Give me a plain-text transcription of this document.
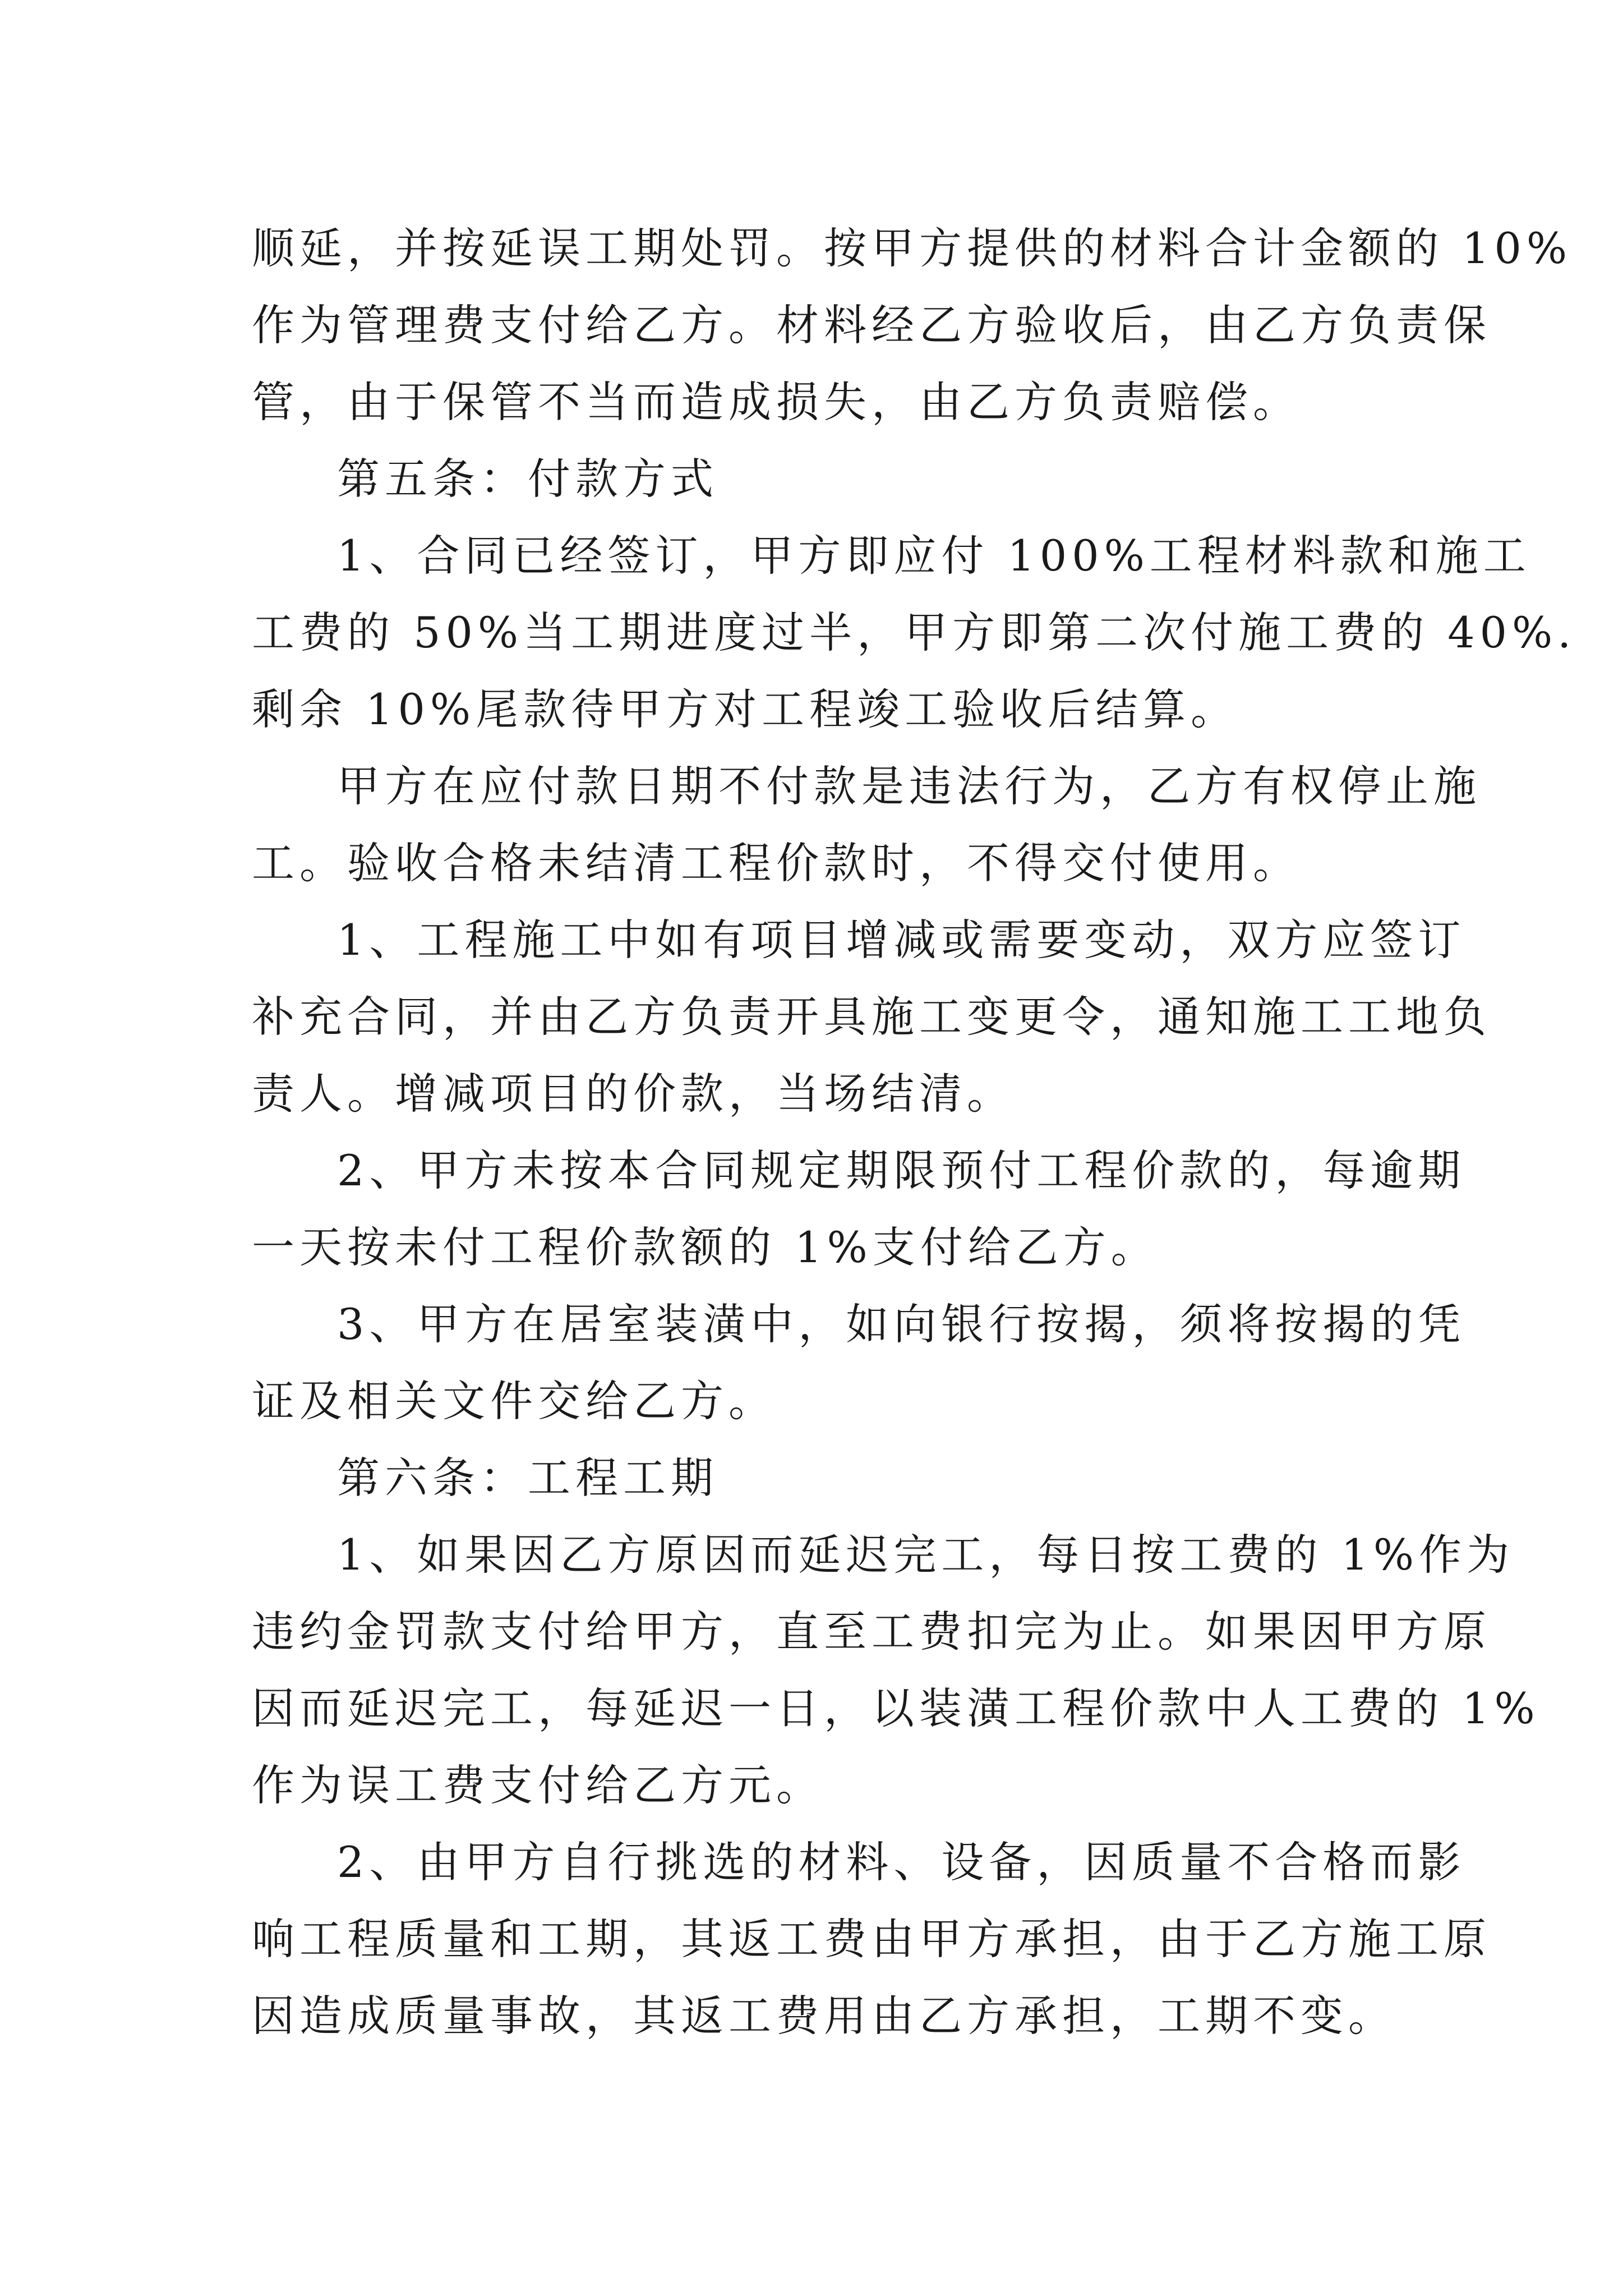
顺延，并按延误工期处罚。按甲方提供的材料合计金额的 10%
作为管理费支付给乙方。材料经乙方验收后，由乙方负责保
管，由于保管不当而造成损失，由乙方负责赔偿。
第五条：付款方式
1、合同已经签订，甲方即应付 100%工程材料款和施工
工费的 50%当工期进度过半，甲方即第二次付施工费的 40%.
剩余 10%尾款待甲方对工程竣工验收后结算。
甲方在应付款日期不付款是违法行为，乙方有权停止施
工。验收合格未结清工程价款时，不得交付使用。
1、工程施工中如有项目增减或需要变动，双方应签订
补充合同，并由乙方负责开具施工变更令，通知施工工地负
责人。增减项目的价款，当场结清。
2、甲方未按本合同规定期限预付工程价款的，每逾期
一天按未付工程价款额的 1%支付给乙方。
3、甲方在居室装潢中，如向银行按揭，须将按揭的凭
证及相关文件交给乙方。
第六条：工程工期
1、如果因乙方原因而延迟完工，每日按工费的 1%作为
违约金罚款支付给甲方，直至工费扣完为止。如果因甲方原
因而延迟完工，每延迟一日，以装潢工程价款中人工费的 1%
作为误工费支付给乙方元。
2、由甲方自行挑选的材料、设备，因质量不合格而影
响工程质量和工期，其返工费由甲方承担，由于乙方施工原
因造成质量事故，其返工费用由乙方承担，工期不变。
